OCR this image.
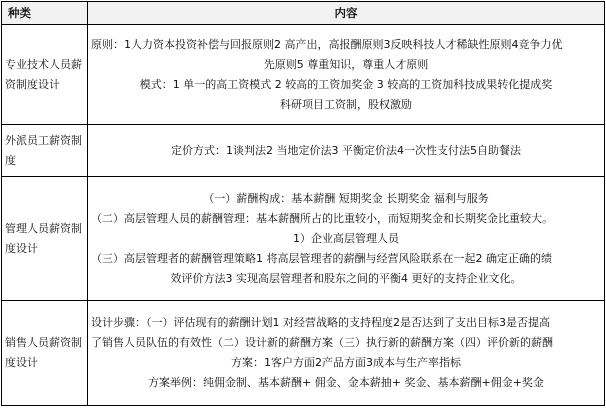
种类	内容
专业技术人员薪资制度设计	原则：1人力资本投资补偿与回报原则2 高产出，高报酬原则3反映科技人才稀缺性原则4竞争力优
先原则5 尊重知识，尊重人才原则
模式：1 单一的高工资模式 2 较高的工资加奖金 3 较高的工资加科技成果转化提成奖
科研项目工资制，股权激励

外派员工薪资制度	定价方式：1谈判法2 当地定价法3 平衡定价法4一次性支付法5自助餐法

管理人员薪资制度设计	（一）薪酬构成：基本薪酬 短期奖金 长期奖金 福利与服务
（二）高层管理人员的薪酬管理：基本薪酬所占的比重较小，而短期奖金和长期奖金比重较大。
1）企业高层管理人员
（三）高层管理者的薪酬管理策略1 将高层管理者的薪酬与经营风险联系在一起2 确定正确的绩
效评价方法3 实现高层管理者和股东之间的平衡4 更好的支持企业文化。

销售人员薪资制度设计	设计步骤：（一）评估现有的薪酬计划1 对经营战略的支持程度2是否达到了支出目标3是否提高
了销售人员队伍的有效性（二）设计新的薪酬方案（三）执行新的薪酬方案（四）评价新的薪酬
方案：1客户方面2产品方面3成本与生产率指标
方案举例：纯佣金制、基本薪酬+ 佣金、金本薪抽+ 奖金、基本薪酬+佣金+奖金
